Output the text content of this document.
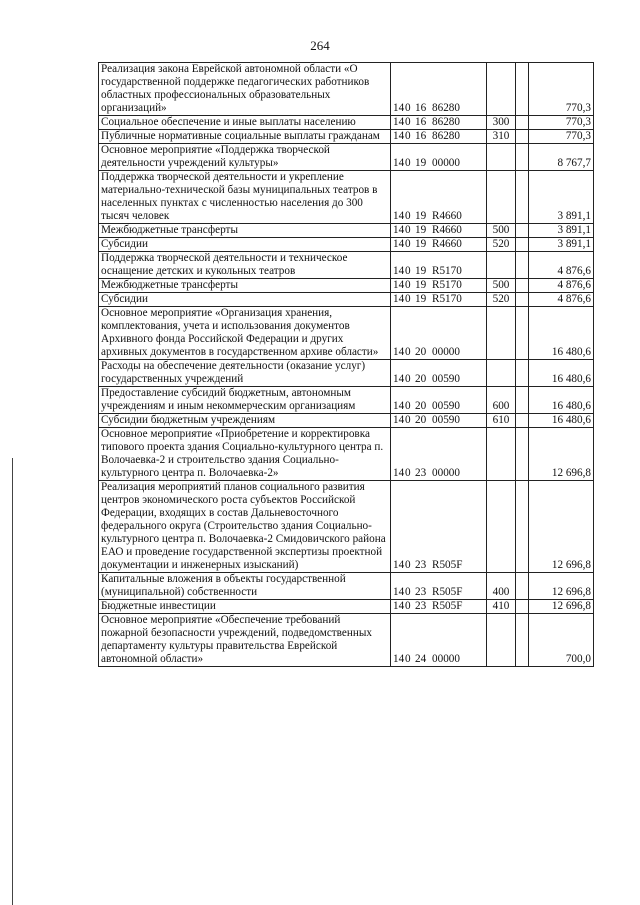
264
Реализация закона Еврейской автономной области «О государственной поддержке педагогических работников областных профессиональных образовательных организаций»	140 16 86280			770,3
Социальное обеспечение и иные выплаты населению	140 16 86280	300		770,3
Публичные нормативные социальные выплаты гражданам	140 16 86280	310		770,3
Основное мероприятие «Поддержка творческой деятельности учреждений культуры»	140 19 00000			8 767,7
Поддержка творческой деятельности и укрепление материально-технической базы муниципальных театров в населенных пунктах с численностью населения до 300 тысяч человек	140 19 R4660			3 891,1
Межбюджетные трансферты	140 19 R4660	500		3 891,1
Субсидии	140 19 R4660	520		3 891,1
Поддержка творческой деятельности и техническое оснащение детских и кукольных театров	140 19 R5170			4 876,6
Межбюджетные трансферты	140 19 R5170	500		4 876,6
Субсидии	140 19 R5170	520		4 876,6
Основное мероприятие «Организация хранения, комплектования, учета и использования документов Архивного фонда Российской Федерации и других архивных документов в государственном архиве области»	140 20 00000			16 480,6
Расходы на обеспечение деятельности (оказание услуг) государственных учреждений	140 20 00590			16 480,6
Предоставление субсидий бюджетным, автономным учреждениям и иным некоммерческим организациям	140 20 00590	600		16 480,6
Субсидии бюджетным учреждениям	140 20 00590	610		16 480,6
Основное мероприятие «Приобретение и корректировка типового проекта здания Социально-культурного центра п. Волочаевка-2 и строительство здания Социально-культурного центра п. Волочаевка-2»	140 23 00000			12 696,8
Реализация мероприятий планов социального развития центров экономического роста субъектов Российской Федерации, входящих в состав Дальневосточного федерального округа (Строительство здания Социально-культурного центра п. Волочаевка-2 Смидовичского района ЕАО и проведение государственной экспертизы проектной документации и инженерных изысканий)	140 23 R505F			12 696,8
Капитальные вложения в объекты государственной (муниципальной) собственности	140 23 R505F	400		12 696,8
Бюджетные инвестиции	140 23 R505F	410		12 696,8
Основное мероприятие «Обеспечение требований пожарной безопасности учреждений, подведомственных департаменту культуры правительства Еврейской автономной области»	140 24 00000			700,0
